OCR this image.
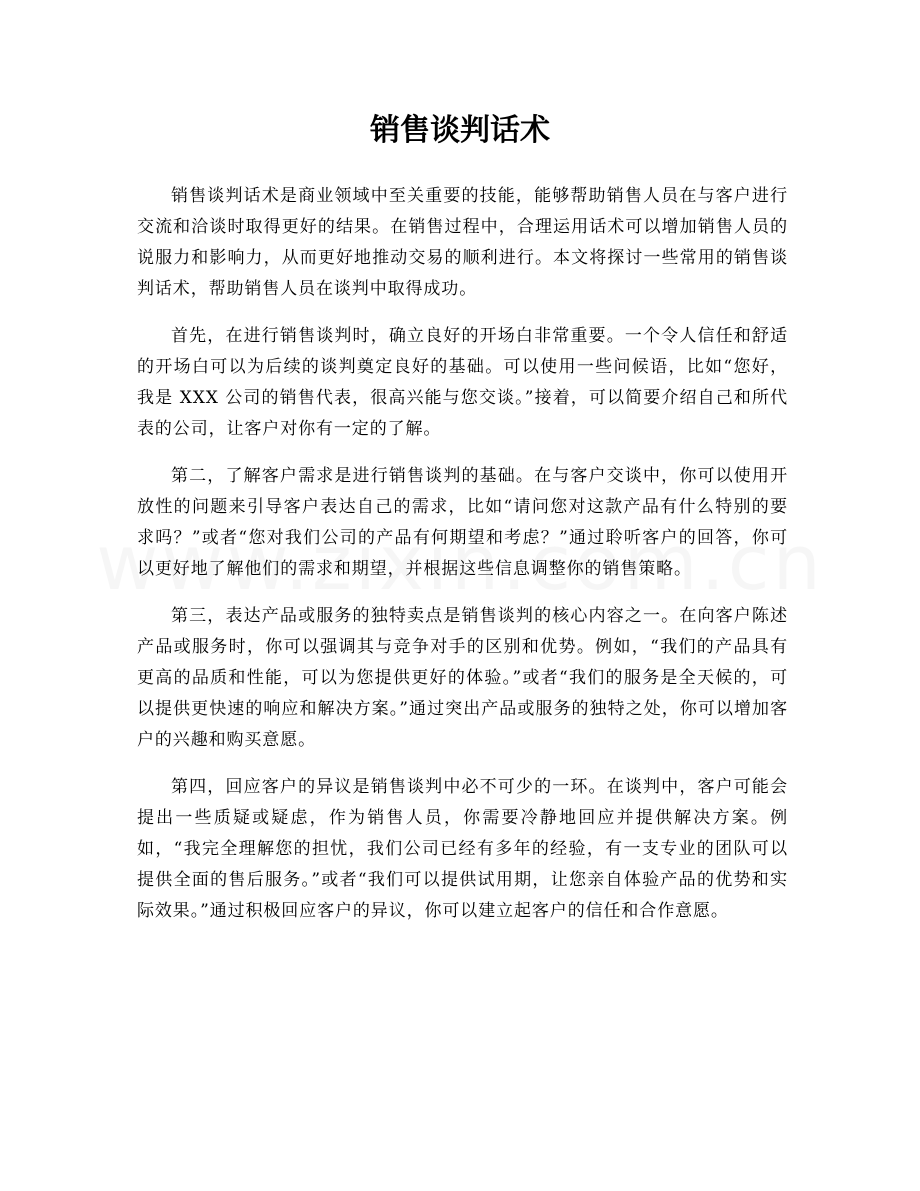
销售谈判话术

销售谈判话术是商业领域中至关重要的技能，能够帮助销售人员在与客户进行交流和洽谈时取得更好的结果。在销售过程中，合理运用话术可以增加销售人员的说服力和影响力，从而更好地推动交易的顺利进行。本文将探讨一些常用的销售谈判话术，帮助销售人员在谈判中取得成功。

首先，在进行销售谈判时，确立良好的开场白非常重要。一个令人信任和舒适的开场白可以为后续的谈判奠定良好的基础。可以使用一些问候语，比如“您好，我是 XXX 公司的销售代表，很高兴能与您交谈。”接着，可以简要介绍自己和所代表的公司，让客户对你有一定的了解。

第二，了解客户需求是进行销售谈判的基础。在与客户交谈中，你可以使用开放性的问题来引导客户表达自己的需求，比如“请问您对这款产品有什么特别的要求吗？”或者“您对我们公司的产品有何期望和考虑？”通过聆听客户的回答，你可以更好地了解他们的需求和期望，并根据这些信息调整你的销售策略。

第三，表达产品或服务的独特卖点是销售谈判的核心内容之一。在向客户陈述产品或服务时，你可以强调其与竞争对手的区别和优势。例如，“我们的产品具有更高的品质和性能，可以为您提供更好的体验。”或者“我们的服务是全天候的，可以提供更快速的响应和解决方案。”通过突出产品或服务的独特之处，你可以增加客户的兴趣和购买意愿。

第四，回应客户的异议是销售谈判中必不可少的一环。在谈判中，客户可能会提出一些质疑或疑虑，作为销售人员，你需要冷静地回应并提供解决方案。例如，“我完全理解您的担忧，我们公司已经有多年的经验，有一支专业的团队可以提供全面的售后服务。”或者“我们可以提供试用期，让您亲自体验产品的优势和实际效果。”通过积极回应客户的异议，你可以建立起客户的信任和合作意愿。
